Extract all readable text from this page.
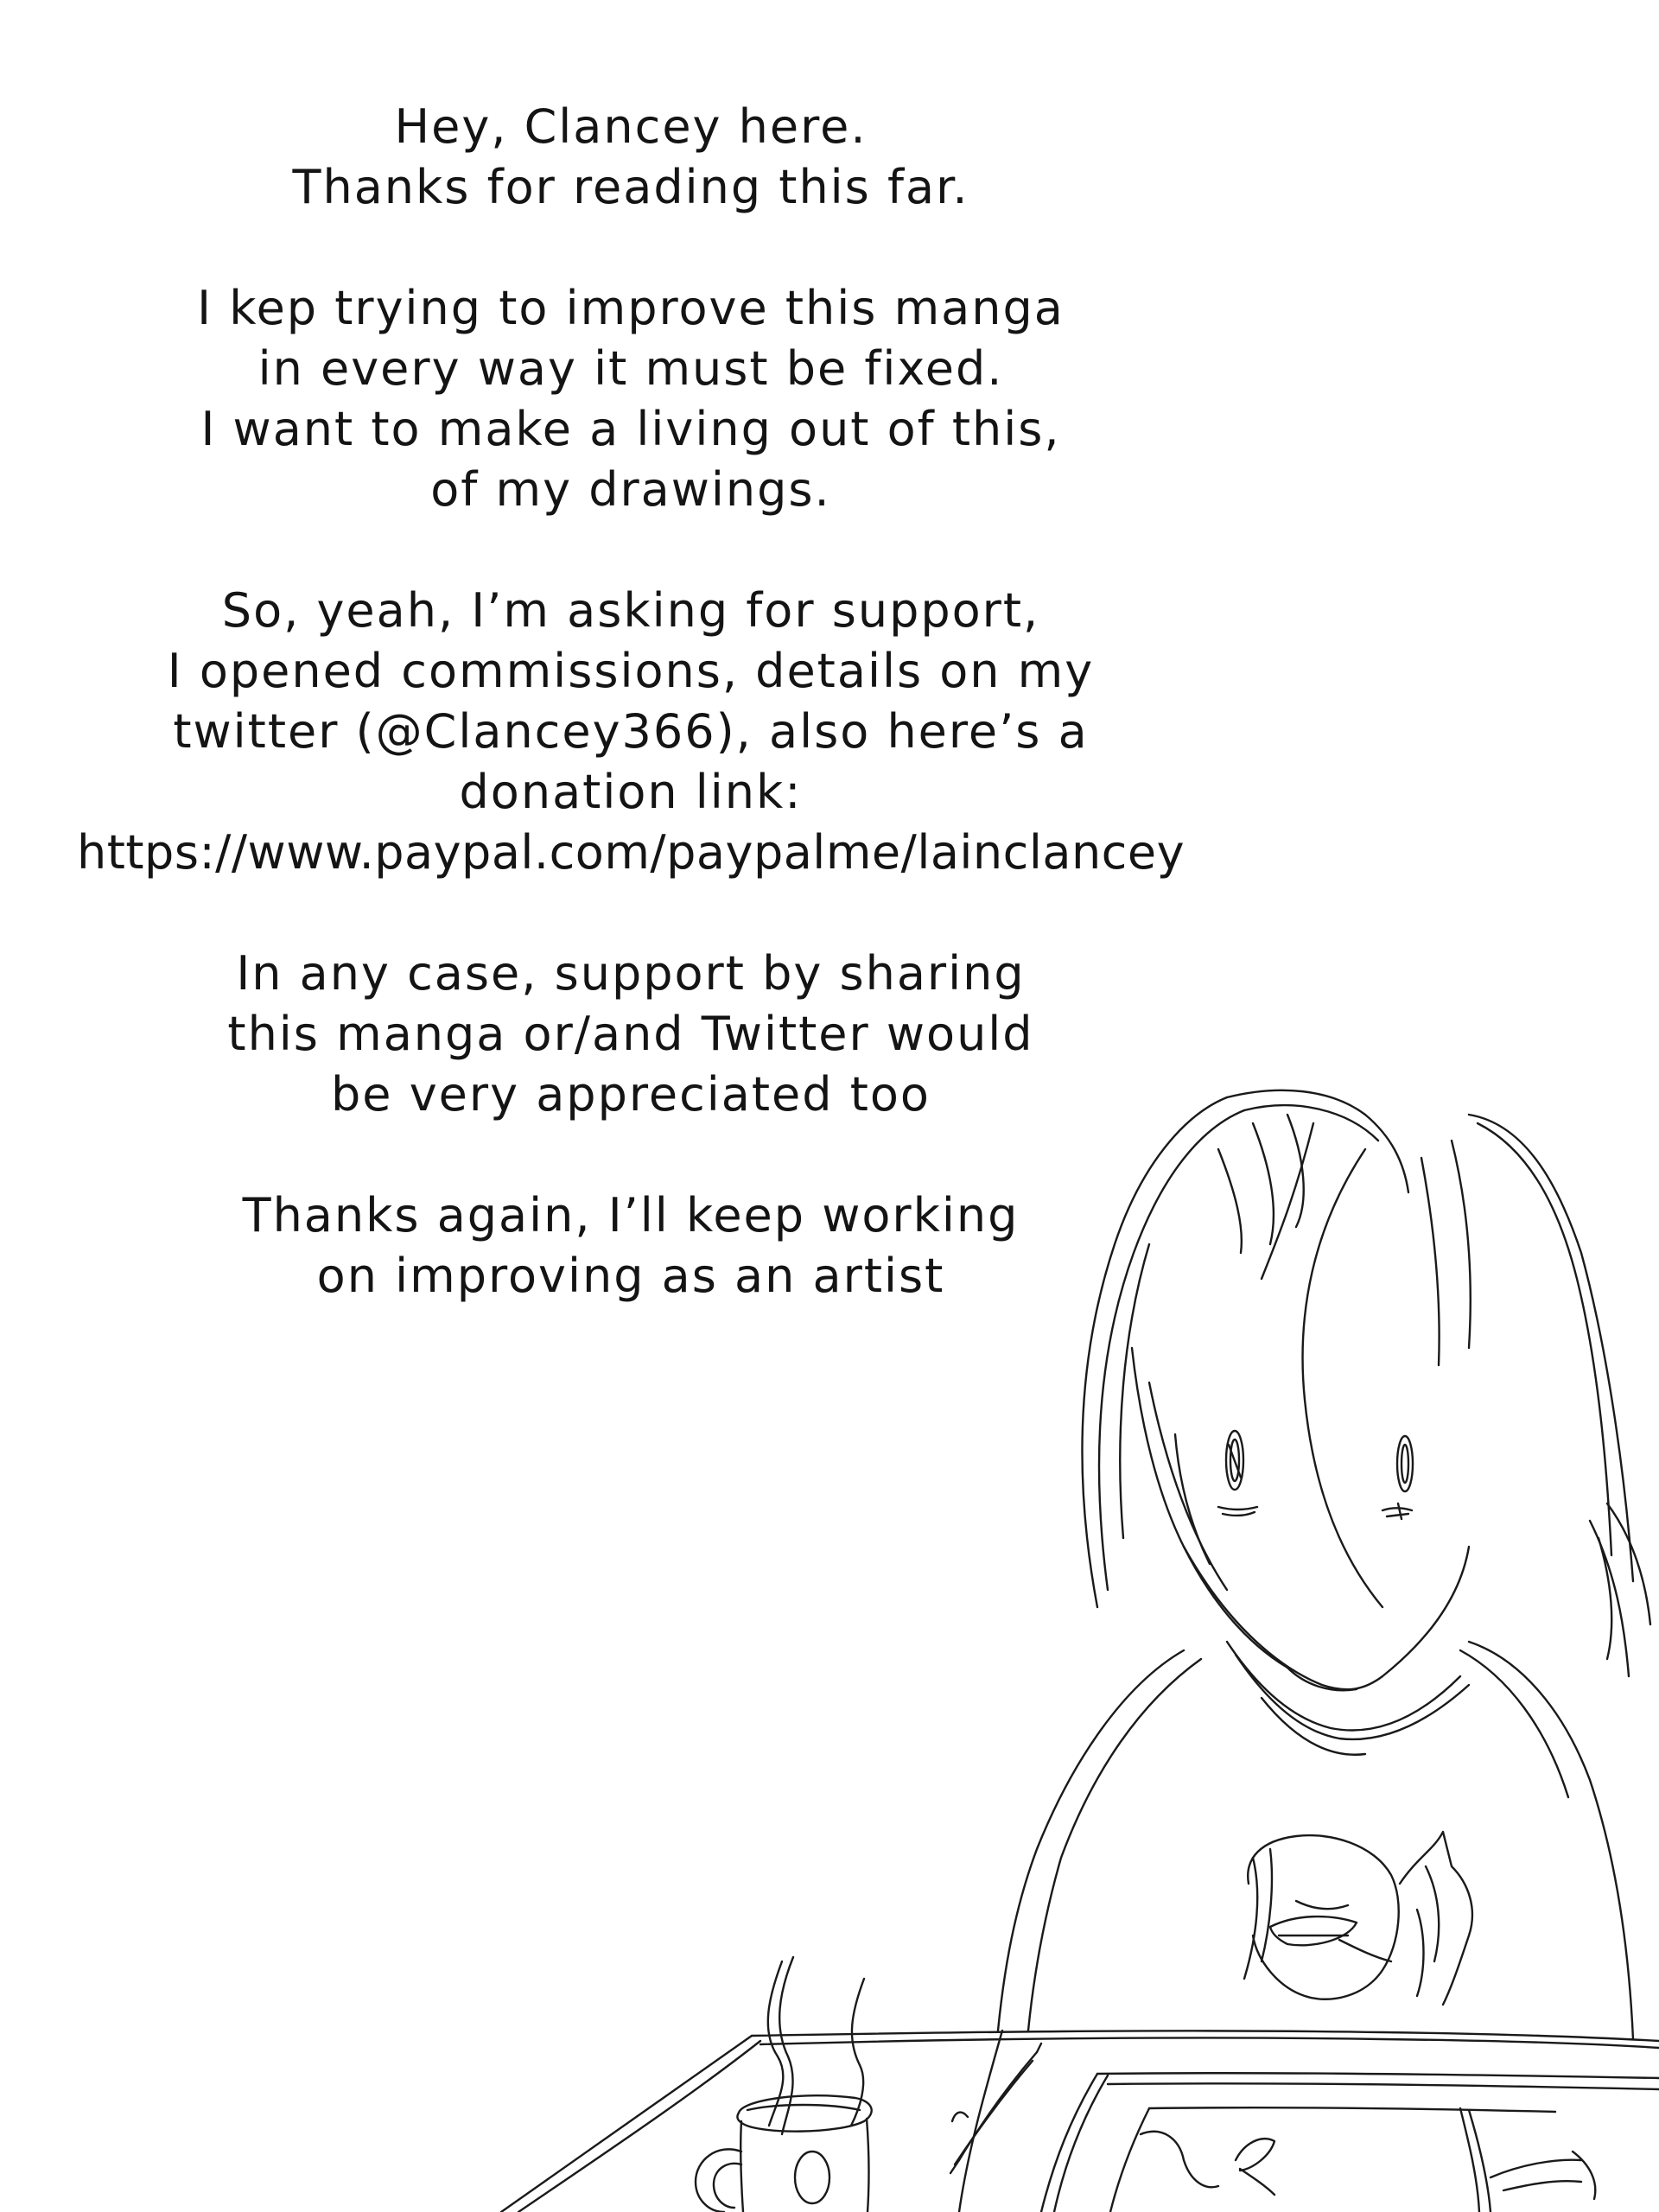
Hey, Clancey here.
Thanks for reading this far.

I kep trying to improve this manga
in every way it must be fixed.
I want to make a living out of this,
of my drawings.

So, yeah, I’m asking for support,
I opened commissions, details on my
twitter (@Clancey366), also here’s a
donation link:
https://www.paypal.com/paypalme/lainclancey

In any case, support by sharing
this manga or/and Twitter would
be very appreciated too

Thanks again, I’ll keep working
on improving as an artist
